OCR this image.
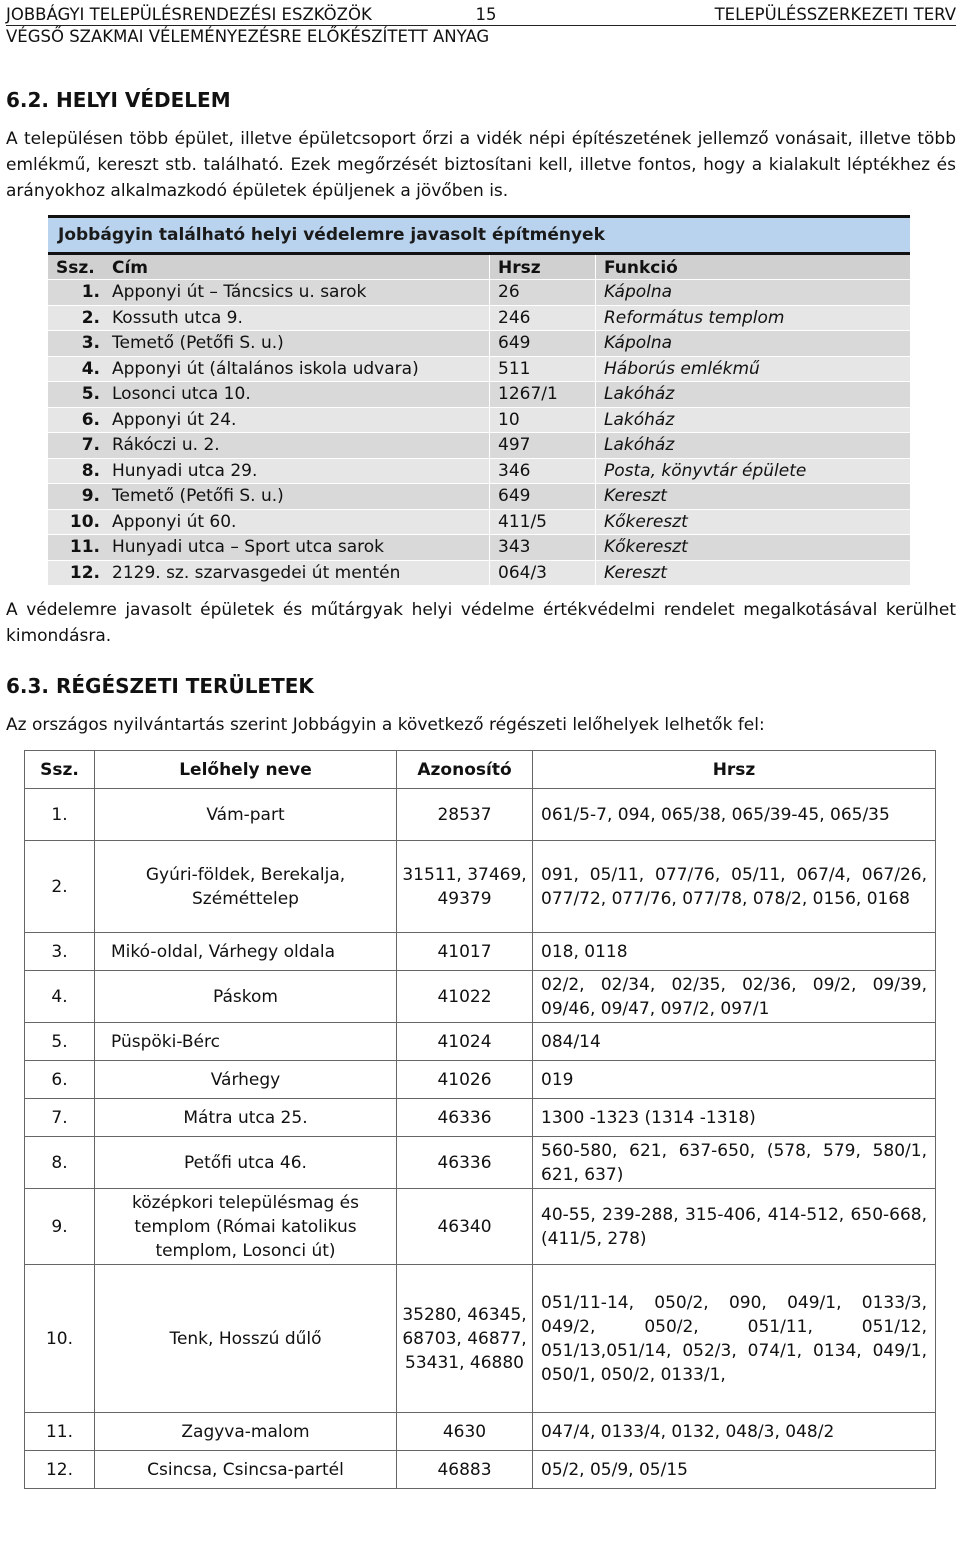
JOBBÁGYI TELEPÜLÉSRENDEZÉSI ESZKÖZÖK	15	TELEPÜLÉSSZERKEZETI TERV
VÉGSŐ SZAKMAI VÉLEMÉNYEZÉSRE ELŐKÉSZÍTETT ANYAG
6.2. HELYI VÉDELEM
A településen több épület, illetve épületcsoport őrzi a vidék népi építészetének jellemző vonásait, illetve több emlékmű, kereszt stb. található. Ezek megőrzését biztosítani kell, illetve fontos, hogy a kialakult léptékhez és arányokhoz alkalmazkodó épületek épüljenek a jövőben is.
Jobbágyin található helyi védelemre javasolt építmények
Ssz.	Cím	Hrsz	Funkció
1. Apponyi út – Táncsics u. sarok	26	Kápolna
2. Kossuth utca 9.	246	Református templom
3. Temető (Petőfi S. u.)	649	Kápolna
4. Apponyi út (általános iskola udvara)	511	Háborús emlékmű
5. Losonci utca 10.	1267/1	Lakóház
6. Apponyi út 24.	10	Lakóház
7. Rákóczi u. 2.	497	Lakóház
8. Hunyadi utca 29.	346	Posta, könyvtár épülete
9. Temető (Petőfi S. u.)	649	Kereszt
10. Apponyi út 60.	411/5	Kőkereszt
11. Hunyadi utca – Sport utca sarok	343	Kőkereszt
12. 2129. sz. szarvasgedei út mentén	064/3	Kereszt
A védelemre javasolt épületek és műtárgyak helyi védelme értékvédelmi rendelet megalkotásával kerülhet kimondásra.
6.3. RÉGÉSZETI TERÜLETEK
Az országos nyilvántartás szerint Jobbágyin a következő régészeti lelőhelyek lelhetők fel:
Ssz.	Lelőhely neve	Azonosító	Hrsz
1.	Vám-part	28537	061/5-7, 094, 065/38, 065/39-45, 065/35
2.	Gyúri-földek, Berekalja, Széméttelep	31511, 37469, 49379	091, 05/11, 077/76, 05/11, 067/4, 067/26, 077/72, 077/76, 077/78, 078/2, 0156, 0168
3.	Mikó-oldal, Várhegy oldala	41017	018, 0118
4.	Páskom	41022	02/2, 02/34, 02/35, 02/36, 09/2, 09/39, 09/46, 09/47, 097/2, 097/1
5.	Püspöki-Bérc	41024	084/14
6.	Várhegy	41026	019
7.	Mátra utca 25.	46336	1300 -1323 (1314 -1318)
8.	Petőfi utca 46.	46336	560-580, 621, 637-650, (578, 579, 580/1, 621, 637)
9.	középkori településmag és templom (Római katolikus templom, Losonci út)	46340	40-55, 239-288, 315-406, 414-512, 650-668, (411/5, 278)
10.	Tenk, Hosszú dűlő	35280, 46345, 68703, 46877, 53431, 46880	051/11-14, 050/2, 090, 049/1, 0133/3, 049/2, 050/2, 051/11, 051/12, 051/13,051/14, 052/3, 074/1, 0134, 049/1, 050/1, 050/2, 0133/1,
11.	Zagyva-malom	4630	047/4, 0133/4, 0132, 048/3, 048/2
12.	Csincsa, Csincsa-partél	46883	05/2, 05/9, 05/15
